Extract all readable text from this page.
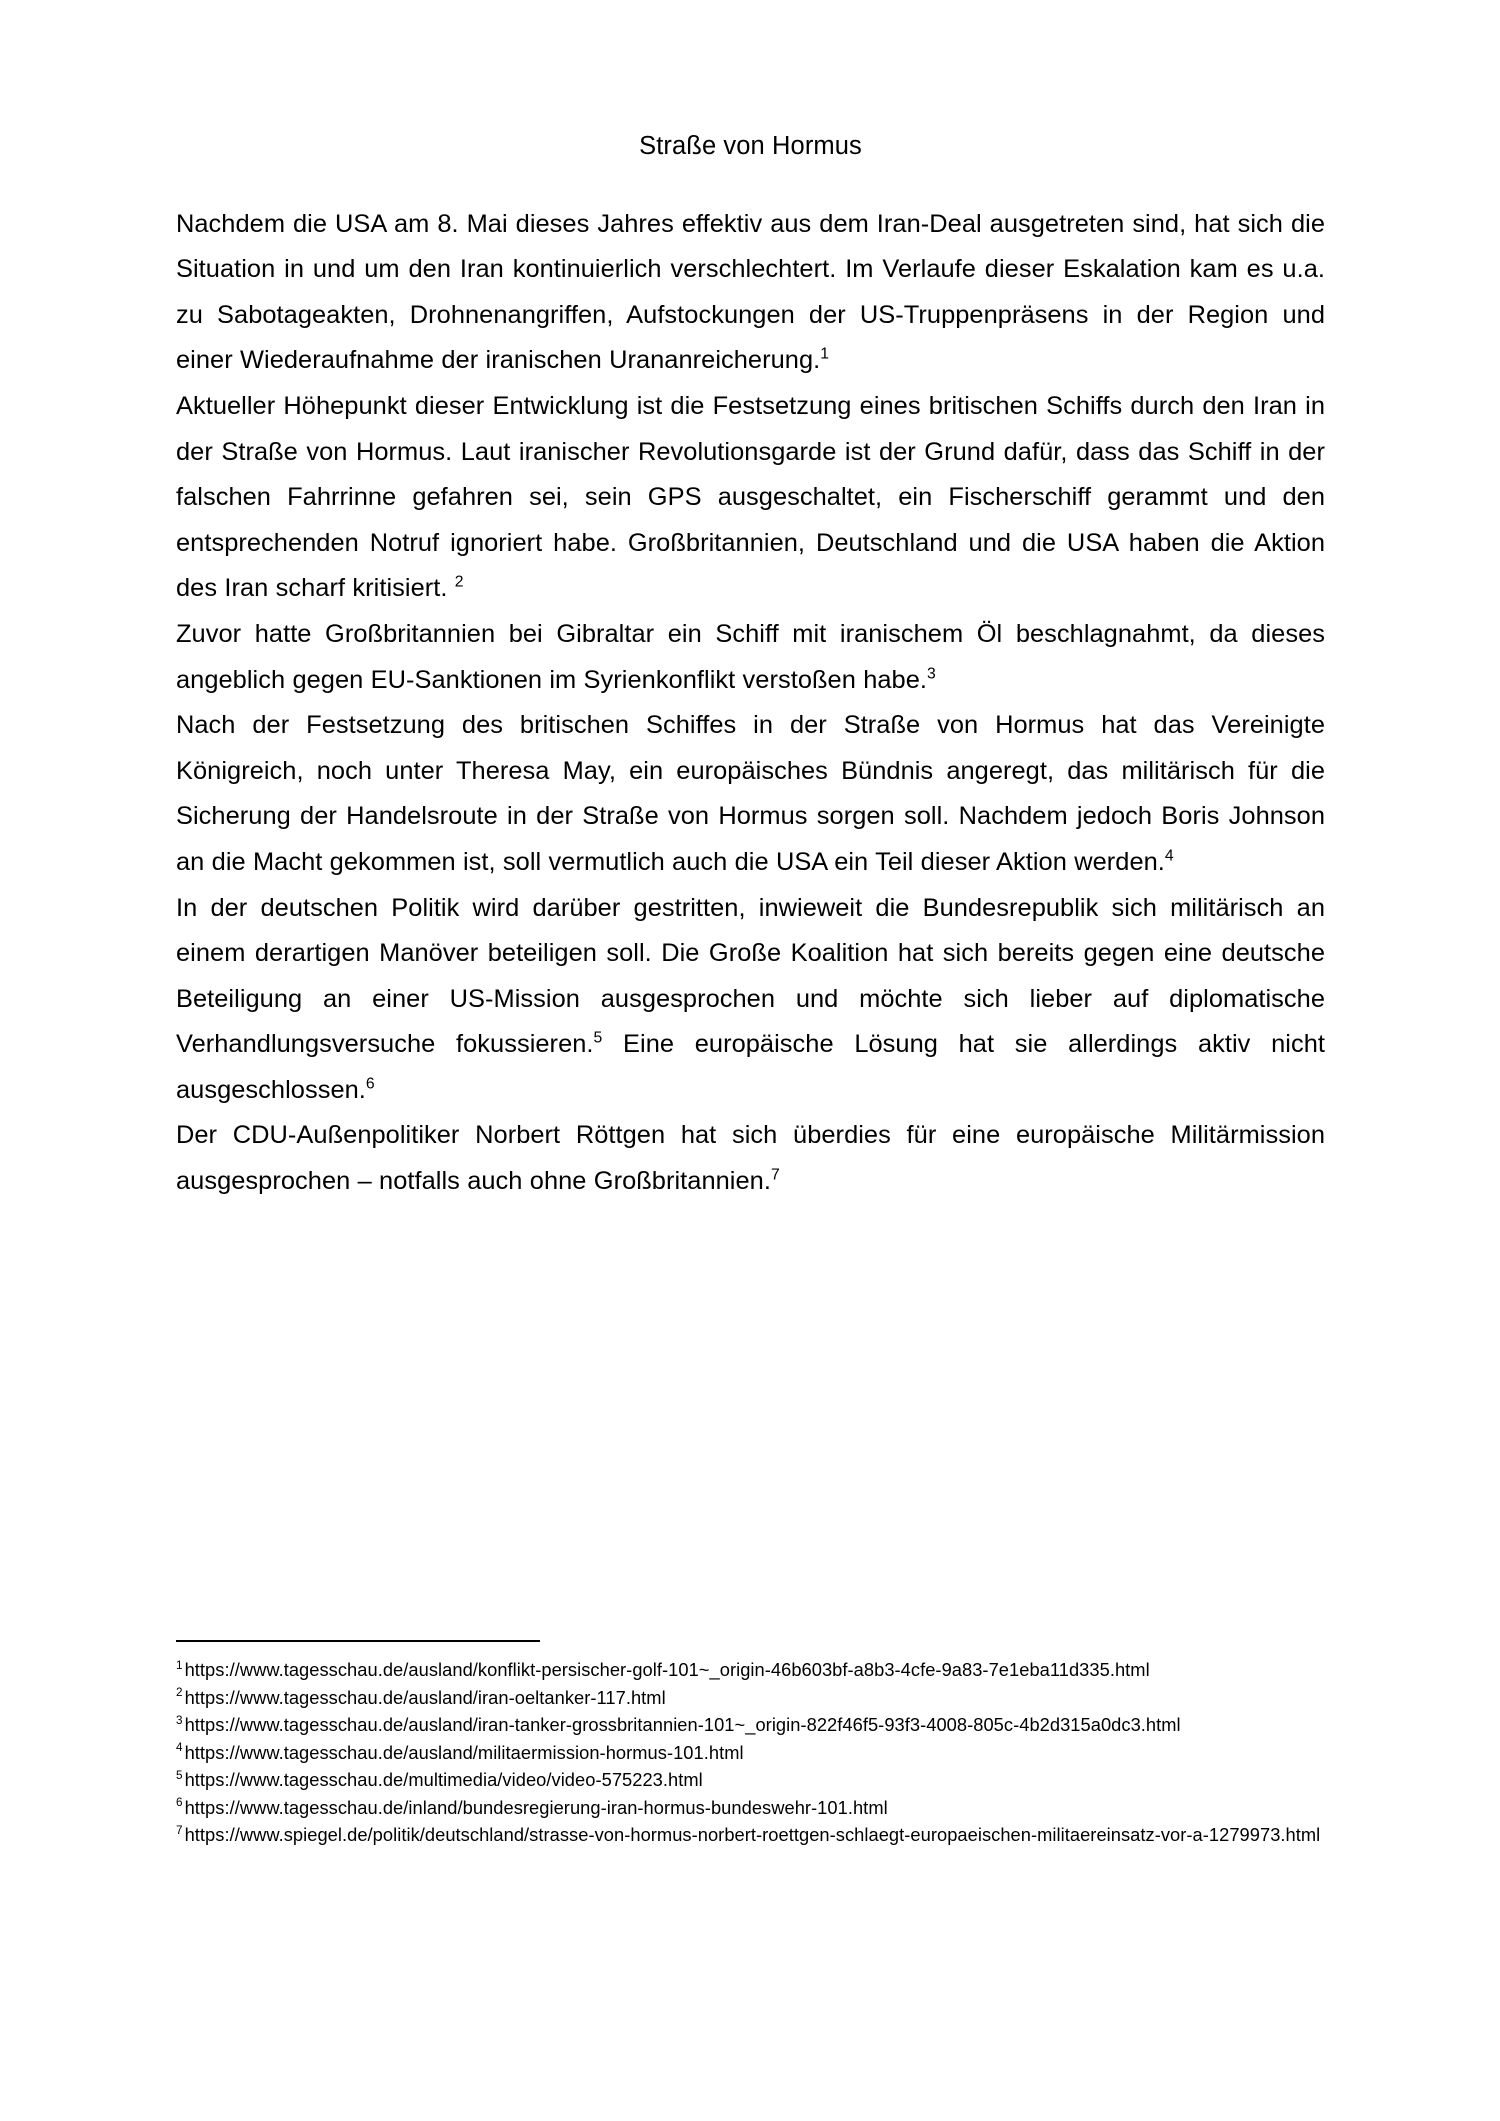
Straße von Hormus

Nachdem die USA am 8. Mai dieses Jahres effektiv aus dem Iran-Deal ausgetreten sind, hat sich die Situation in und um den Iran kontinuierlich verschlechtert. Im Verlaufe dieser Eskalation kam es u.a. zu Sabotageakten, Drohnenangriffen, Aufstockungen der US-Truppenpräsens in der Region und einer Wiederaufnahme der iranischen Urananreicherung.$^1$

Aktueller Höhepunkt dieser Entwicklung ist die Festsetzung eines britischen Schiffs durch den Iran in der Straße von Hormus. Laut iranischer Revolutionsgarde ist der Grund dafür, dass das Schiff in der falschen Fahrrinne gefahren sei, sein GPS ausgeschaltet, ein Fischerschiff gerammt und den entsprechenden Notruf ignoriert habe. Großbritannien, Deutschland und die USA haben die Aktion des Iran scharf kritisiert. $^2$

Zuvor hatte Großbritannien bei Gibraltar ein Schiff mit iranischem Öl beschlagnahmt, da dieses angeblich gegen EU-Sanktionen im Syrienkonflikt verstoßen habe.$^3$

Nach der Festsetzung des britischen Schiffes in der Straße von Hormus hat das Vereinigte Königreich, noch unter Theresa May, ein europäisches Bündnis angeregt, das militärisch für die Sicherung der Handelsroute in der Straße von Hormus sorgen soll. Nachdem jedoch Boris Johnson an die Macht gekommen ist, soll vermutlich auch die USA ein Teil dieser Aktion werden.$^4$

In der deutschen Politik wird darüber gestritten, inwieweit die Bundesrepublik sich militärisch an einem derartigen Manöver beteiligen soll. Die Große Koalition hat sich bereits gegen eine deutsche Beteiligung an einer US-Mission ausgesprochen und möchte sich lieber auf diplomatische Verhandlungsversuche fokussieren.$^5$ Eine europäische Lösung hat sie allerdings aktiv nicht ausgeschlossen.$^6$

Der CDU-Außenpolitiker Norbert Röttgen hat sich überdies für eine europäische Militärmission ausgesprochen – notfalls auch ohne Großbritannien.$^7$

$^1$ https://www.tagesschau.de/ausland/konflikt-persischer-golf-101~_origin-46b603bf-a8b3-4cfe-9a83-7e1eba11d335.html

$^2$ https://www.tagesschau.de/ausland/iran-oeltanker-117.html

$^3$ https://www.tagesschau.de/ausland/iran-tanker-grossbritannien-101~_origin-822f46f5-93f3-4008-805c-4b2d315a0dc3.html

$^4$ https://www.tagesschau.de/ausland/militaermission-hormus-101.html

$^5$ https://www.tagesschau.de/multimedia/video/video-575223.html

$^6$ https://www.tagesschau.de/inland/bundesregierung-iran-hormus-bundeswehr-101.html

$^7$ https://www.spiegel.de/politik/deutschland/strasse-von-hormus-norbert-roettgen-schlaegt-europaeischen-militaereinsatz-vor-a-1279973.html
